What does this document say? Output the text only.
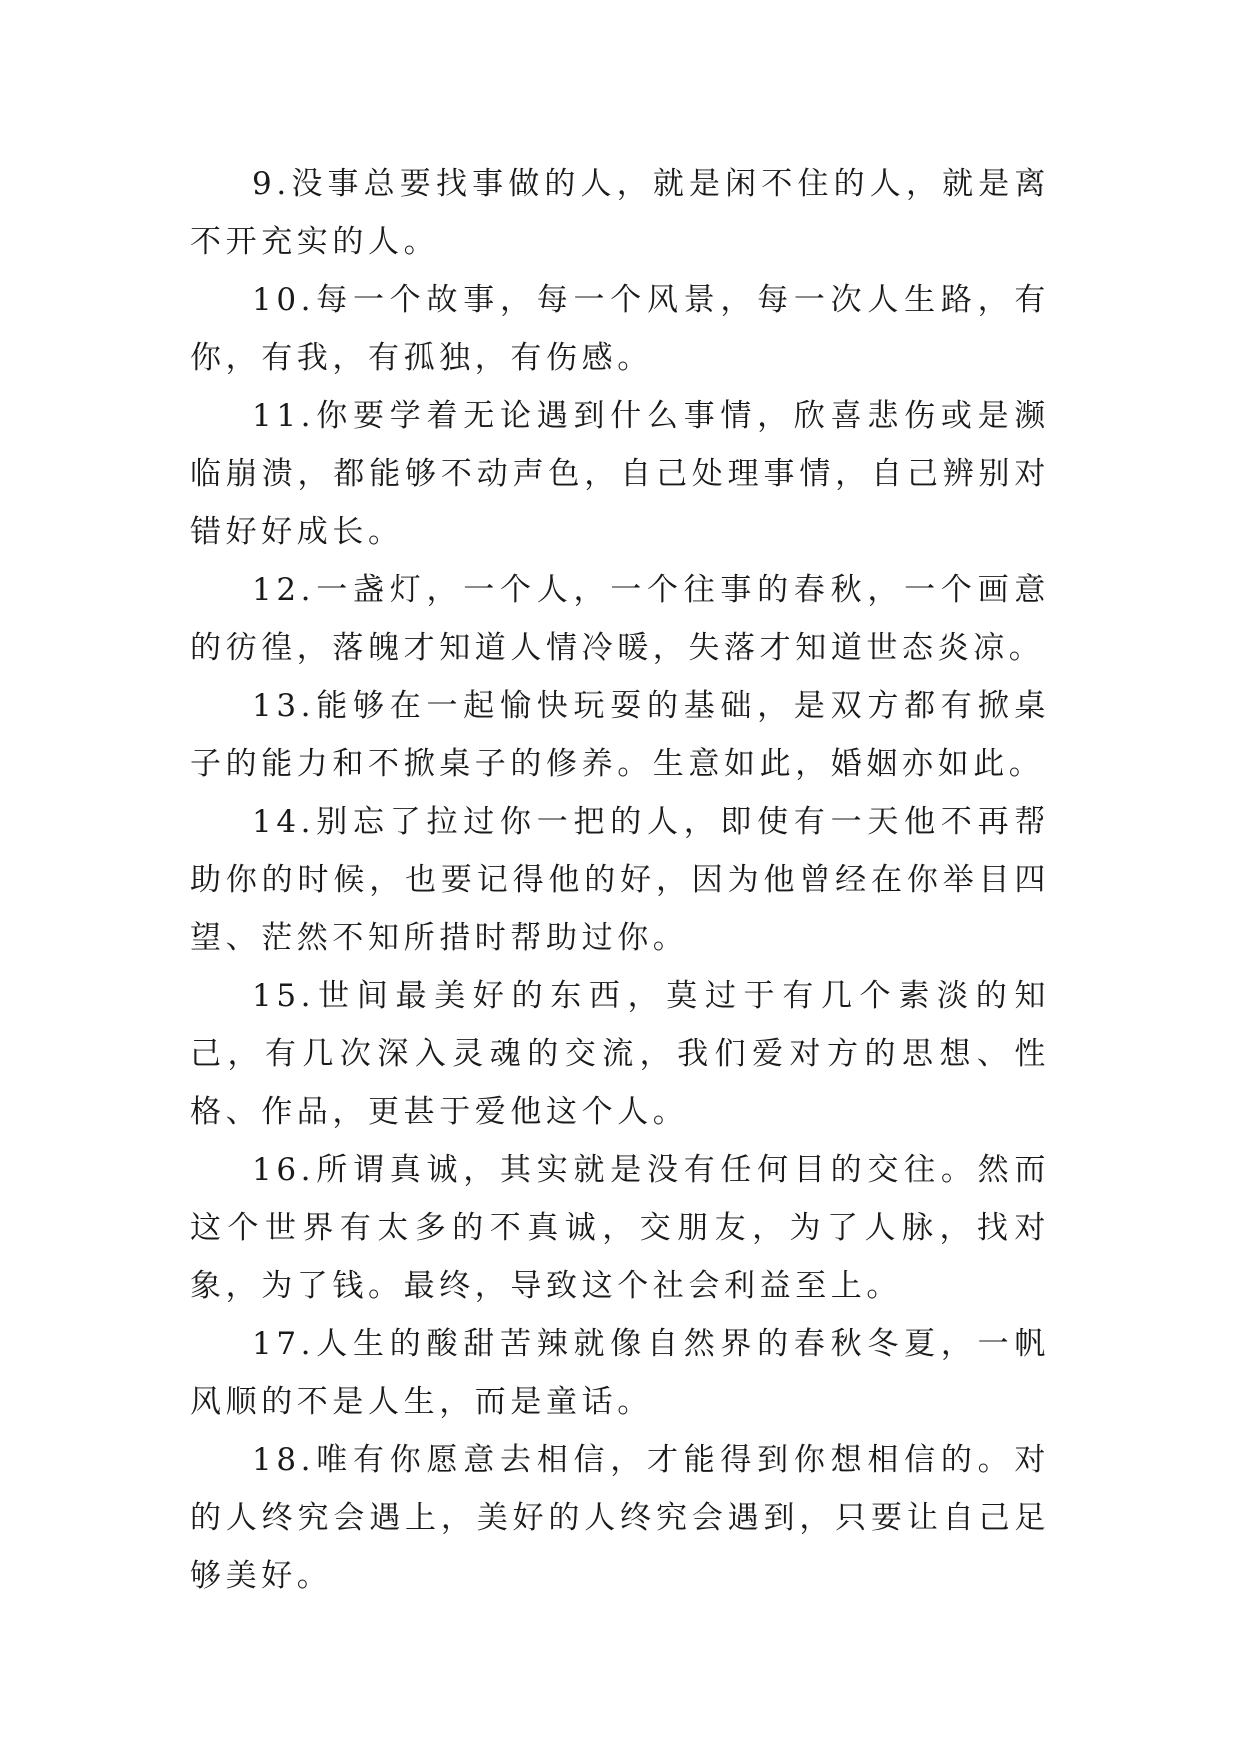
9.没事总要找事做的人，就是闲不住的人，就是离不开充实的人。

10.每一个故事，每一个风景，每一次人生路，有你，有我，有孤独，有伤感。

11.你要学着无论遇到什么事情，欣喜悲伤或是濒临崩溃，都能够不动声色，自己处理事情，自己辨别对错好好成长。

12.一盏灯，一个人，一个往事的春秋，一个画意的彷徨，落魄才知道人情冷暖，失落才知道世态炎凉。

13.能够在一起愉快玩耍的基础，是双方都有掀桌子的能力和不掀桌子的修养。生意如此，婚姻亦如此。

14.别忘了拉过你一把的人，即使有一天他不再帮助你的时候，也要记得他的好，因为他曾经在你举目四望、茫然不知所措时帮助过你。

15.世间最美好的东西，莫过于有几个素淡的知己，有几次深入灵魂的交流，我们爱对方的思想、性格、作品，更甚于爱他这个人。

16.所谓真诚，其实就是没有任何目的交往。然而这个世界有太多的不真诚，交朋友，为了人脉，找对象，为了钱。最终，导致这个社会利益至上。

17.人生的酸甜苦辣就像自然界的春秋冬夏，一帆风顺的不是人生，而是童话。

18.唯有你愿意去相信，才能得到你想相信的。对的人终究会遇上，美好的人终究会遇到，只要让自己足够美好。
